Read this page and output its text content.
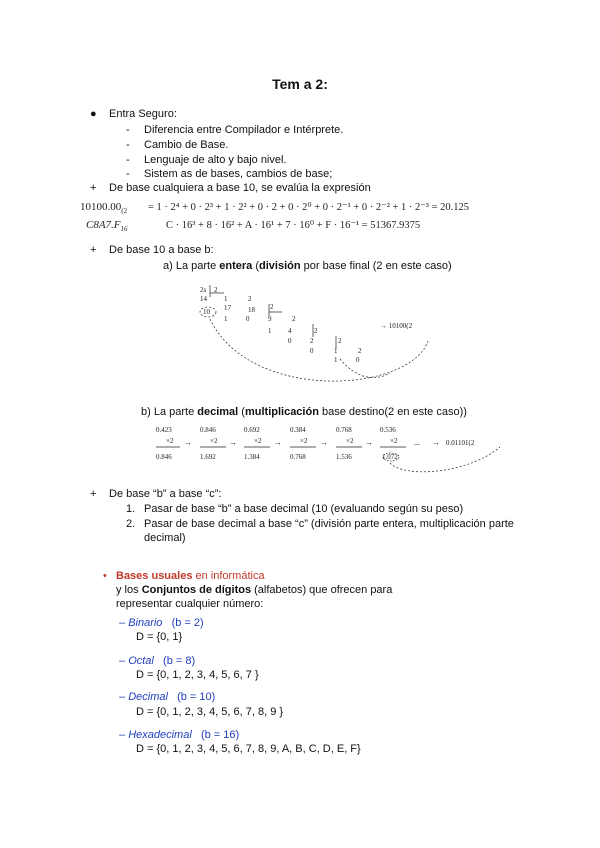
Tem a 2:
● Entra Seguro:
- Diferencia entre Compilador e Intérprete.
- Cambio de Base.
- Lenguaje de alto y bajo nivel.
- Sistem as de bases, cambios de base;
+ De base cualquiera a base 10, se evalúa la expresión
$10100.00_{(2} = 1 \cdot 2^4 + 0 \cdot 2^3 + 1 \cdot 2^2 + 0 \cdot 2 + 0 \cdot 2^0 + 0 \cdot 2^{-1} + 0 \cdot 2^{-2} + 1 \cdot 2^{-3} = 20.125$
$C8A7.F_{16}$	C · 16³ + 8 · 16² + A · 16¹ + 7 · 16⁰ + F · 16⁻¹ = 51367.9375
+ De base 10 a base b:
a) La parte entera (división por base final (2 en este caso)
2s 2
14 1
10 17
2
1
18 2
0	9	2
1 4	2
0	2	2
0	1	2
1	0
→ 10100(2
b) La parte decimal (multiplicación base destino(2 en este caso))
0.423	0.846	0.692	0.384	0.768	0.536
×2	×2	×2	×2	×2	×2
→	→	→	→	→	... → 0.01101(2
0.846	1.692	1.384	0.768	1.536	1.072
+ De base “b” a base “c”:
1. Pasar de base “b” a base decimal (10 (evaluando según su peso)
2. Pasar de base decimal a base “c” (división parte entera, multiplicación parte
decimal)
• Bases usuales en informática
y los Conjuntos de dígitos (alfabetos) que ofrecen para
representar cualquier número:
– Binario (b = 2)
D = {0, 1}
– Octal (b = 8)
D = {0, 1, 2, 3, 4, 5, 6, 7 }
– Decimal (b = 10)
D = {0, 1, 2, 3, 4, 5, 6, 7, 8, 9 }
– Hexadecimal (b = 16)
D = {0, 1, 2, 3, 4, 5, 6, 7, 8, 9, A, B, C, D, E, F}
